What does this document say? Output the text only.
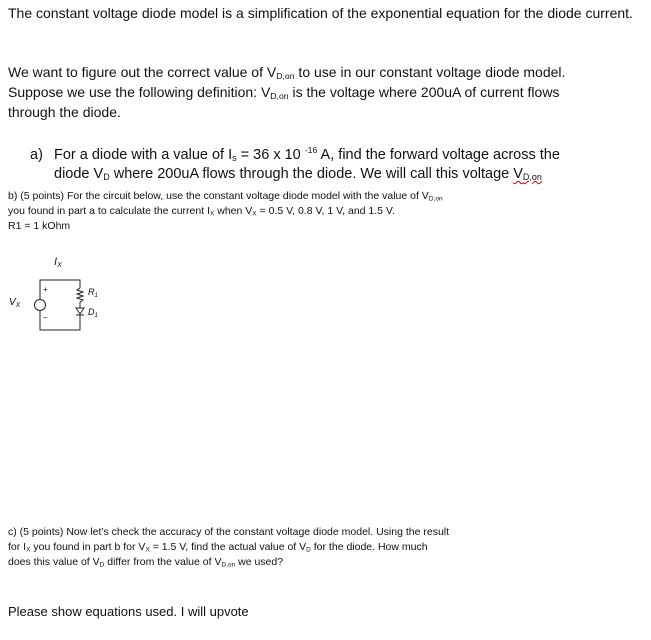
The constant voltage diode model is a simplification of the exponential equation for the diode current.

We want to figure out the correct value of $V_{D,on}$ to use in our constant voltage diode model.
Suppose we use the following definition: $V_{D,on}$ is the voltage where 200uA of current flows
through the diode.

a) For a diode with a value of $I_s = 36$ x 10 $^{-16}$ A, find the forward voltage across the
diode $V_D$ where 200uA flows through the diode. We will call this voltage $V_{D,on}$

b) (5 points) For the circuit below, use the constant voltage diode model with the value of $V_{D,on}$
you found in part a to calculate the current $I_X$ when $V_X = 0.5$ V, 0.8 V, 1 V, and 1.5 V.
R1 = 1 kOhm

IX
+
–
$V_X$
$R_1$
$D_1$

c) (5 points) Now let’s check the accuracy of the constant voltage diode model. Using the result
for $I_X$ you found in part b for $V_X = 1.5$ V, find the actual value of $V_D$ for the diode. How much
does this value of $V_D$ differ from the value of $V_{D,on}$ we used?

Please show equations used. I will upvote
